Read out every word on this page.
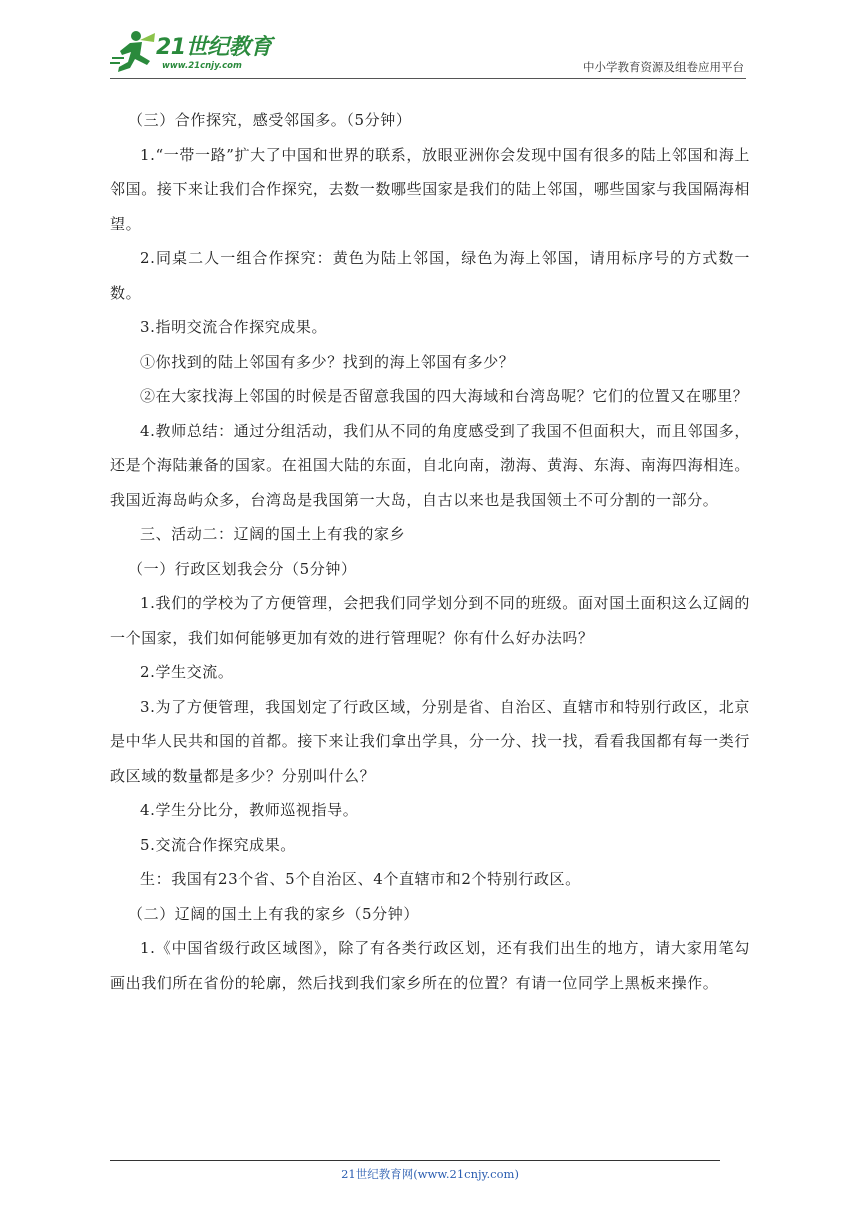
21世纪教育
www.21cnjy.com	中小学教育资源及组卷应用平台

（三）合作探究，感受邻国多。（5分钟）

1.“一带一路”扩大了中国和世界的联系，放眼亚洲你会发现中国有很多的陆上邻国和海上邻国。接下来让我们合作探究，去数一数哪些国家是我们的陆上邻国，哪些国家与我国隔海相望。

2.同桌二人一组合作探究：黄色为陆上邻国，绿色为海上邻国，请用标序号的方式数一数。

3.指明交流合作探究成果。

①你找到的陆上邻国有多少？找到的海上邻国有多少？

②在大家找海上邻国的时候是否留意我国的四大海域和台湾岛呢？它们的位置又在哪里？

4.教师总结：通过分组活动，我们从不同的角度感受到了我国不但面积大，而且邻国多，还是个海陆兼备的国家。在祖国大陆的东面，自北向南，渤海、黄海、东海、南海四海相连。我国近海岛屿众多，台湾岛是我国第一大岛，自古以来也是我国领土不可分割的一部分。

三、活动二：辽阔的国土上有我的家乡

（一）行政区划我会分（5分钟）

1.我们的学校为了方便管理，会把我们同学划分到不同的班级。面对国土面积这么辽阔的一个国家，我们如何能够更加有效的进行管理呢？你有什么好办法吗？

2.学生交流。

3.为了方便管理，我国划定了行政区域，分别是省、自治区、直辖市和特别行政区，北京是中华人民共和国的首都。接下来让我们拿出学具，分一分、找一找，看看我国都有每一类行政区域的数量都是多少？分别叫什么？

4.学生分比分，教师巡视指导。

5.交流合作探究成果。

生：我国有23个省、5个自治区、4个直辖市和2个特别行政区。

（二）辽阔的国土上有我的家乡（5分钟）

1.《中国省级行政区域图》，除了有各类行政区划，还有我们出生的地方，请大家用笔勾画出我们所在省份的轮廓，然后找到我们家乡所在的位置？有请一位同学上黑板来操作。

21世纪教育网(www.21cnjy.com)
